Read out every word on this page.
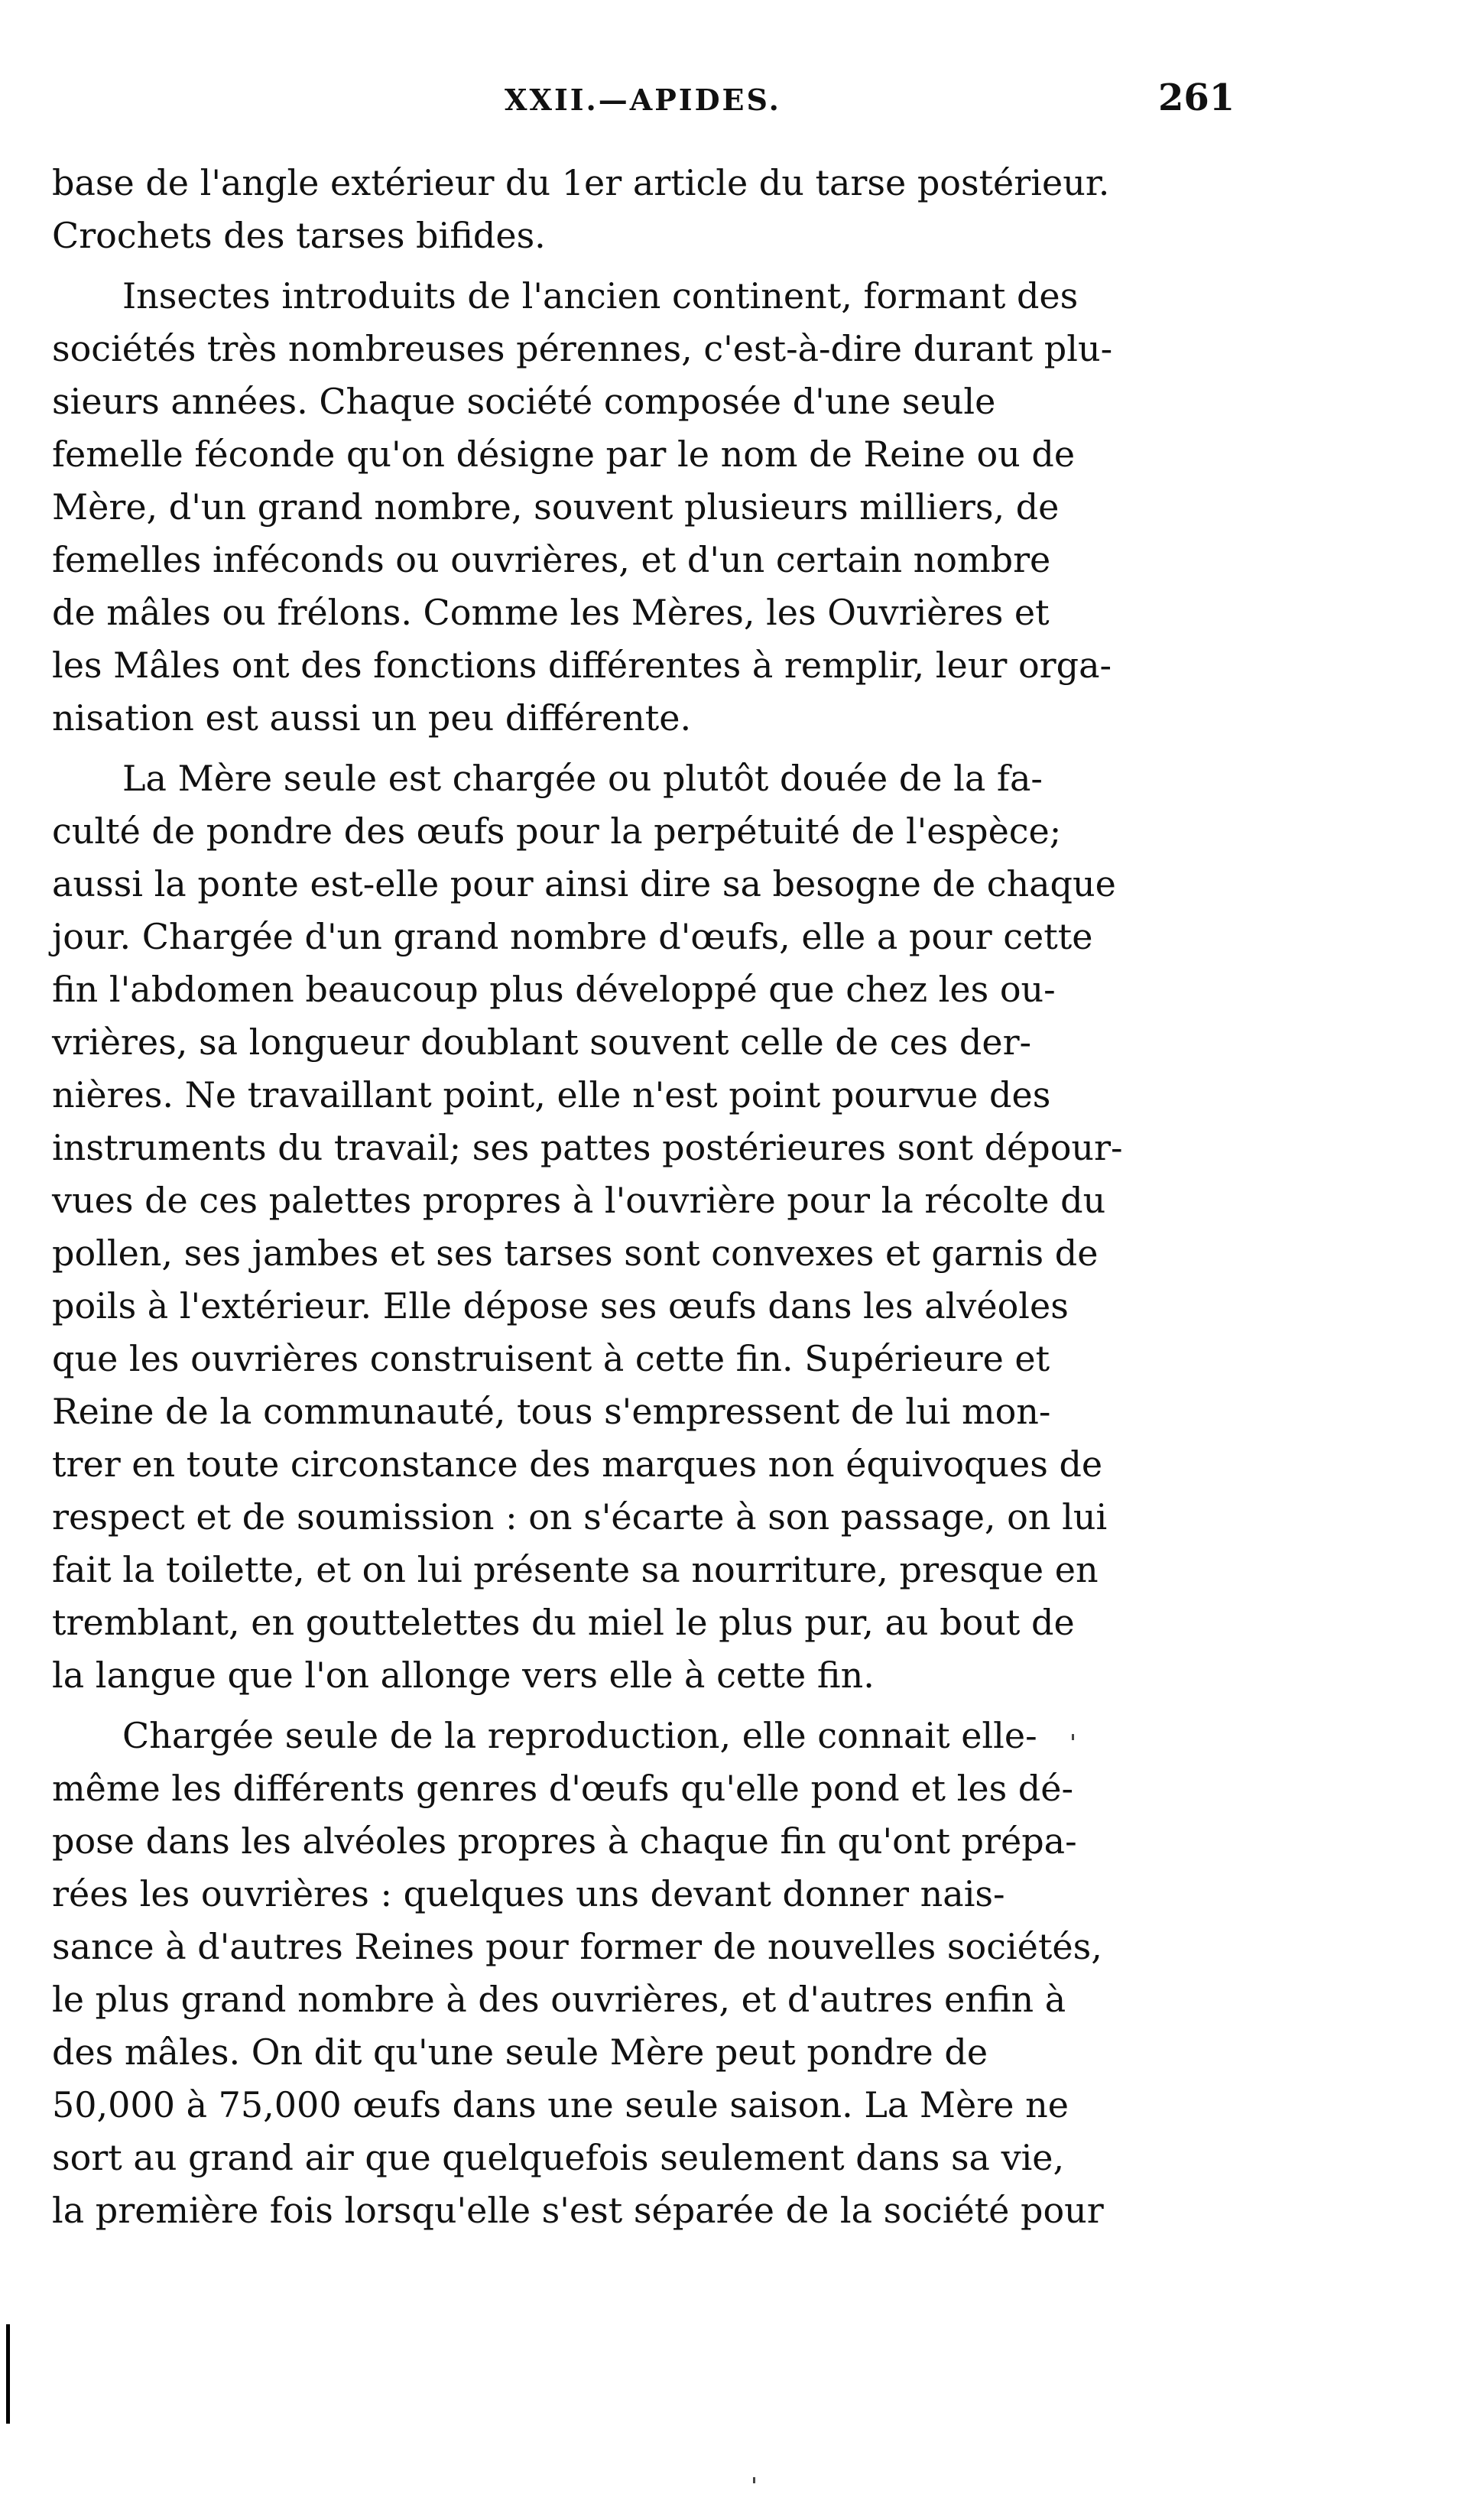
XXII.—APIDES.	261
base de l'angle extérieur du 1er article du tarse postérieur.
Crochets des tarses bifides.
Insectes introduits de l'ancien continent, formant des
sociétés très nombreuses pérennes, c'est-à-dire durant plu-
sieurs années. Chaque société composée d'une seule
femelle féconde qu'on désigne par le nom de Reine ou de
Mère, d'un grand nombre, souvent plusieurs milliers, de
femelles inféconds ou ouvrières, et d'un certain nombre
de mâles ou frélons. Comme les Mères, les Ouvrières et
les Mâles ont des fonctions différentes à remplir, leur orga-
nisation est aussi un peu différente.
La Mère seule est chargée ou plutôt douée de la fa-
culté de pondre des œufs pour la perpétuité de l'espèce;
aussi la ponte est-elle pour ainsi dire sa besogne de chaque
jour. Chargée d'un grand nombre d'œufs, elle a pour cette
fin l'abdomen beaucoup plus développé que chez les ou-
vrières, sa longueur doublant souvent celle de ces der-
nières. Ne travaillant point, elle n'est point pourvue des
instruments du travail; ses pattes postérieures sont dépour-
vues de ces palettes propres à l'ouvrière pour la récolte du
pollen, ses jambes et ses tarses sont convexes et garnis de
poils à l'extérieur. Elle dépose ses œufs dans les alvéoles
que les ouvrières construisent à cette fin. Supérieure et
Reine de la communauté, tous s'empressent de lui mon-
trer en toute circonstance des marques non équivoques de
respect et de soumission : on s'écarte à son passage, on lui
fait la toilette, et on lui présente sa nourriture, presque en
tremblant, en gouttelettes du miel le plus pur, au bout de
la langue que l'on allonge vers elle à cette fin.
Chargée seule de la reproduction, elle connait elle-
même les différents genres d'œufs qu'elle pond et les dé-
pose dans les alvéoles propres à chaque fin qu'ont prépa-
rées les ouvrières : quelques uns devant donner nais-
sance à d'autres Reines pour former de nouvelles sociétés,
le plus grand nombre à des ouvrières, et d'autres enfin à
des mâles. On dit qu'une seule Mère peut pondre de
50,000 à 75,000 œufs dans une seule saison. La Mère ne
sort au grand air que quelquefois seulement dans sa vie,
la première fois lorsqu'elle s'est séparée de la société pour
